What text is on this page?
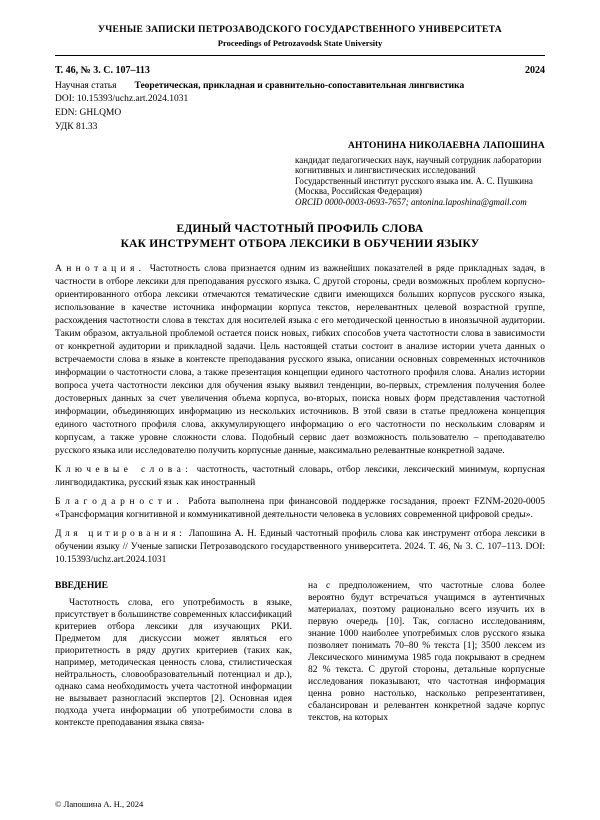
УЧЕНЫЕ ЗАПИСКИ ПЕТРОЗАВОДСКОГО ГОСУДАРСТВЕННОГО УНИВЕРСИТЕТА
Proceedings of Petrozavodsk State University
Т. 46, № 3. С. 107–113	2024
Научная статья Теоретическая, прикладная и сравнительно-сопоставительная лингвистика
DOI: 10.15393/uchz.art.2024.1031
EDN: GHLQMO
УДК 81.33
АНТОНИНА НИКОЛАЕВНА ЛАПОШИНА
кандидат педагогических наук, научный сотрудник лаборатории когнитивных и лингвистических исследований
Государственный институт русского языка им. А. С. Пушкина
(Москва, Российская Федерация)
ORCID 0000-0003-0693-7657; antonina.laposhina@gmail.com
ЕДИНЫЙ ЧАСТОТНЫЙ ПРОФИЛЬ СЛОВА
КАК ИНСТРУМЕНТ ОТБОРА ЛЕКСИКИ В ОБУЧЕНИИ ЯЗЫКУ

А н н о т а ц и я .  Частотность слова признается одним из важнейших показателей в ряде прикладных задач, в частности в отборе лексики для преподавания русского языка. С другой стороны, среди возможных проблем корпусно-ориентированного отбора лексики отмечаются тематические сдвиги имеющихся больших корпусов русского языка, использование в качестве источника информации корпуса текстов, нерелевантных целевой возрастной группе, расхождения частотности слова в текстах для носителей языка с его методической ценностью в иноязычной аудитории. Таким образом, актуальной проблемой остается поиск новых, гибких способов учета частотности слова в зависимости от конкретной аудитории и прикладной задачи. Цель настоящей статьи состоит в анализе истории учета данных о встречаемости слова в языке в контексте преподавания русского языка, описании основных современных источников информации о частотности слова, а также презентация концепции единого частотного профиля слова. Анализ истории вопроса учета частотности лексики для обучения языку выявил тенденции, во-первых, стремления получения более достоверных данных за счет увеличения объема корпуса, во-вторых, поиска новых форм представления частотной информации, объединяющих информацию из нескольких источников. В этой связи в статье предложена концепция единого частотного профиля слова, аккумулирующего информацию о его частотности по нескольким словарям и корпусам, а также уровне сложности слова. Подобный сервис дает возможность пользователю – преподавателю русского языка или исследователю получить корпусные данные, максимально релевантные конкретной задаче.

К л ю ч е в ы е   с л о в а :  частотность, частотный словарь, отбор лексики, лексический минимум, корпусная лингводидактика, русский язык как иностранный

Б л а г о д а р н о с т и .  Работа выполнена при финансовой поддержке госзадания, проект FZNM-2020-0005 «Трансформация когнитивной и коммуникативной деятельности человека в условиях современной цифровой среды».

Д л я   ц и т и р о в а н и я :  Лапошина А. Н. Единый частотный профиль слова как инструмент отбора лексики в обучении языку // Ученые записки Петрозаводского государственного университета. 2024. Т. 46, № 3. С. 107–113. DOI: 10.15393/uchz.art.2024.1031

ВВЕДЕНИЕ

Частотность слова, его употребимость в языке, присутствует в большинстве современных классификаций критериев отбора лексики для изучающих РКИ. Предметом для дискуссии может являться его приоритетность в ряду других критериев (таких как, например, методическая ценность слова, стилистическая нейтральность, словообразовательный потенциал и др.), однако сама необходимость учета частотной информации не вызывает разногласий экспертов [2]. Основная идея подхода учета информации об употребимости слова в контексте преподавания языка связа-

на с предположением, что частотные слова более вероятно будут встречаться учащимся в аутентичных материалах, поэтому рационально всего изучить их в первую очередь [10]. Так, согласно исследованиям, знание 1000 наиболее употребимых слов русского языка позволяет понимать 70–80 % текста [1]; 3500 лексем из Лексического минимума 1985 года покрывают в среднем 82 % текста. С другой стороны, детальные корпусные исследования показывают, что частотная информация ценна ровно настолько, насколько репрезентативен, сбалансирован и релевантен конкретной задаче корпус текстов, на которых

© Лапошина А. Н., 2024
